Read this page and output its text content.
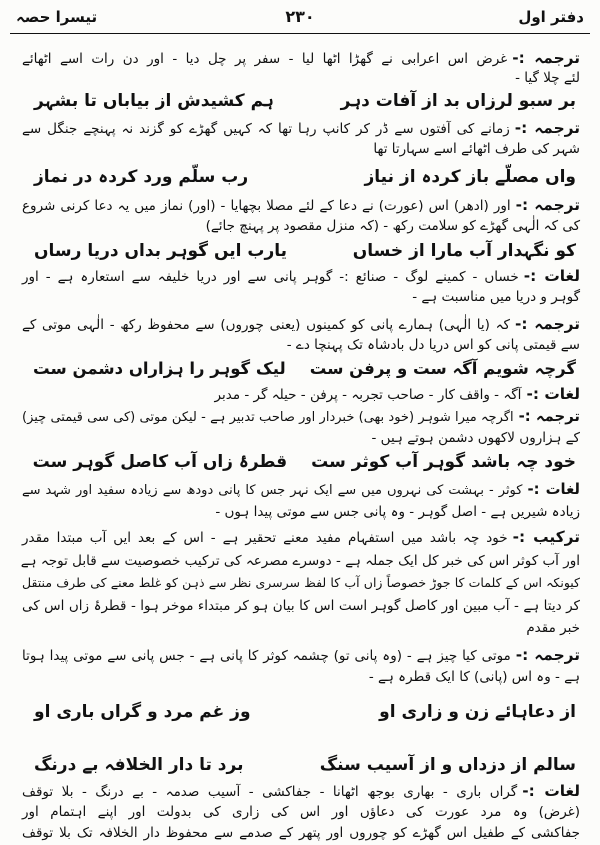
دفتر اول
۲۳۰
تیسرا حصہ
ترجمہ :-غرض اس اعرابی نے گھڑا اٹھا لیا - سفر پر چل دیا - اور دن رات اسے اٹھائے
لئے چلا گیا -
بر سبو لرزاں بد از آفات دہر
ہم کشیدش از بیاباں تا بشہر
ترجمہ :-زمانے کی آفتوں سے ڈر کر کانپ رہا تھا کہ کہیں گھڑے کو گزند نہ پہنچے جنگل سے
شہر کی طرف اٹھائے اسے سہارتا تھا
واں مصلّے باز کردہ از نیاز
رب سلّم ورد کردہ در نماز
ترجمہ :-اور (ادھر) اس (عورت) نے دعا کے لئے مصلا بچھایا - (اور) نماز میں یہ دعا کرنی شروع
کی کہ الٰہی گھڑے کو سلامت رکھ - (کہ منزل مقصود پر پہنچ جائے)
کو نگہدار آب مارا از خساں
یارب ایں گوہر بداں دریا رساں
لغات :-خساں - کمینے لوگ - صنائع :- گوہر پانی سے اور دریا خلیفہ سے استعارہ ہے - اور
گوہر و دریا میں مناسبت ہے -
ترجمہ :-کہ (یا الٰہی) ہمارے پانی کو کمینوں (یعنی چوروں) سے محفوظ رکھ - الٰہی موتی کے
سے قیمتی پانی کو اس دریا دل بادشاہ تک پہنچا دے -
گرچہ شویم آگہ ست و پرفن ست
لیک گوہر را ہزاراں دشمن ست
لغات :-آگہ - واقف کار - صاحب تجربہ - پرفن - حیلہ گر - مدبر
ترجمہ :-اگرچہ میرا شوہر (خود بھی) خبردار اور صاحب تدبیر ہے - لیکن موتی (کی سی قیمتی چیز)
کے ہزاروں لاکھوں دشمن ہوتے ہیں -
خود چہ باشد گوہر آب کوثر ست
قطرۂ زاں آب کاصل گوہر ست
لغات :-کوثر - بہشت کی نہروں میں سے ایک نہر جس کا پانی دودھ سے زیادہ سفید اور شہد سے
زیادہ شیریں ہے - اصل گوہر - وہ پانی جس سے موتی پیدا ہوں -
ترکیب :-خود چہ باشد میں استفہام مفید معنے تحقیر ہے - اس کے بعد ایں آب مبتدا مقدر
اور آب کوثر اس کی خبر کل ایک جملہ ہے - دوسرے مصرعہ کی ترکیب خصوصیت سے قابل توجہ ہے
کیونکہ اس کے کلمات کا جوڑ خصوصاً زاں آب کا لفظ سرسری نظر سے ذہن کو غلط معنے کی طرف منتقل
کر دیتا ہے - آب مبین اور کاصل گوہر است اس کا بیان ہو کر مبتداء موخر ہوا - قطرۂ زاں اس کی
خبر مقدم
ترجمہ :-موتی کیا چیز ہے - (وہ پانی تو) چشمہ کوثر کا پانی ہے - جس پانی سے موتی پیدا ہوتا
ہے - وہ اس (پانی) کا ایک قطرہ ہے -
از دعاہائے زن و زاری او
وز غم مرد و گراں باری او
سالم از دزداں و از آسیب سنگ
برد تا دار الخلافہ بے درنگ
لغات :-گراں باری - بھاری بوجھ اٹھانا - جفاکشی - آسیب صدمہ - بے درنگ - بلا توقف
(غرض) وہ مرد عورت کی دعاؤں اور اس کی زاری کی بدولت اور اپنے اہتمام اور
جفاکشی کے طفیل اس گھڑے کو چوروں اور پتھر کے صدمے سے محفوظ دار الخلافہ تک بلا توقف
